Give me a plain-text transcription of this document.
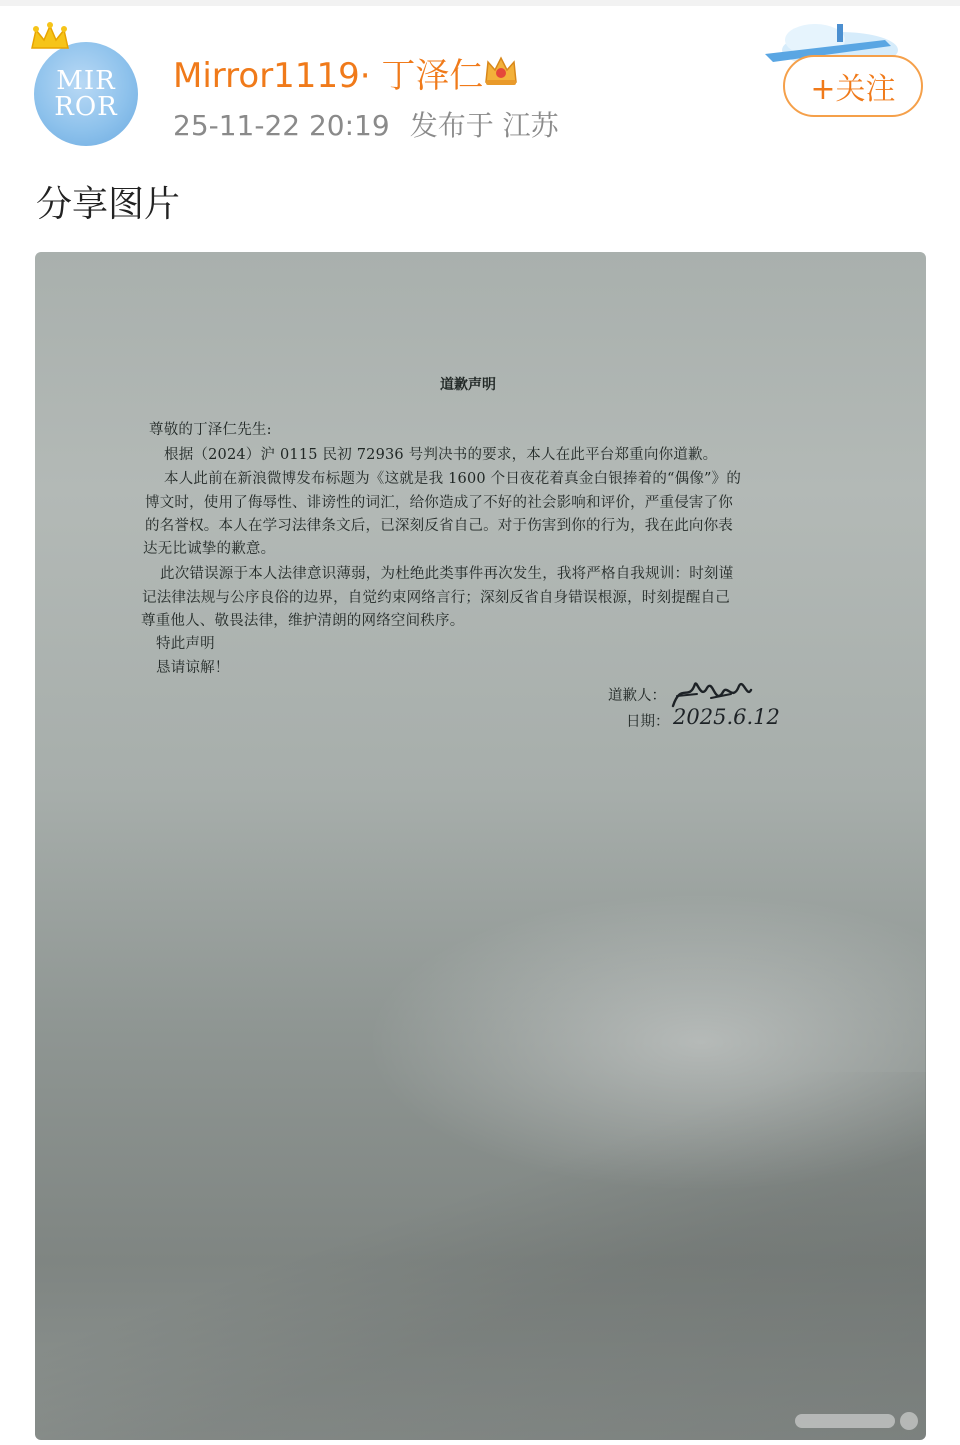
MIR
ROR
Mirror1119· 丁泽仁
25-11-22 20:19 发布于 江苏
+关注
分享图片
道歉声明
尊敬的丁泽仁先生:
根据（2024）沪 0115 民初 72936 号判决书的要求，本人在此平台郑重向你道歉。
本人此前在新浪微博发布标题为《这就是我 1600 个日夜花着真金白银捧着的“偶像”》的
博文时，使用了侮辱性、诽谤性的词汇，给你造成了不好的社会影响和评价，严重侵害了你
的名誉权。本人在学习法律条文后，已深刻反省自己。对于伤害到你的行为，我在此向你表
达无比诚挚的歉意。
此次错误源于本人法律意识薄弱，为杜绝此类事件再次发生，我将严格自我规训：时刻谨
记法律法规与公序良俗的边界，自觉约束网络言行；深刻反省自身错误根源，时刻提醒自己
尊重他人、敬畏法律，维护清朗的网络空间秩序。
特此声明
恳请谅解！
道歉人：
日期： 2025.6.12
